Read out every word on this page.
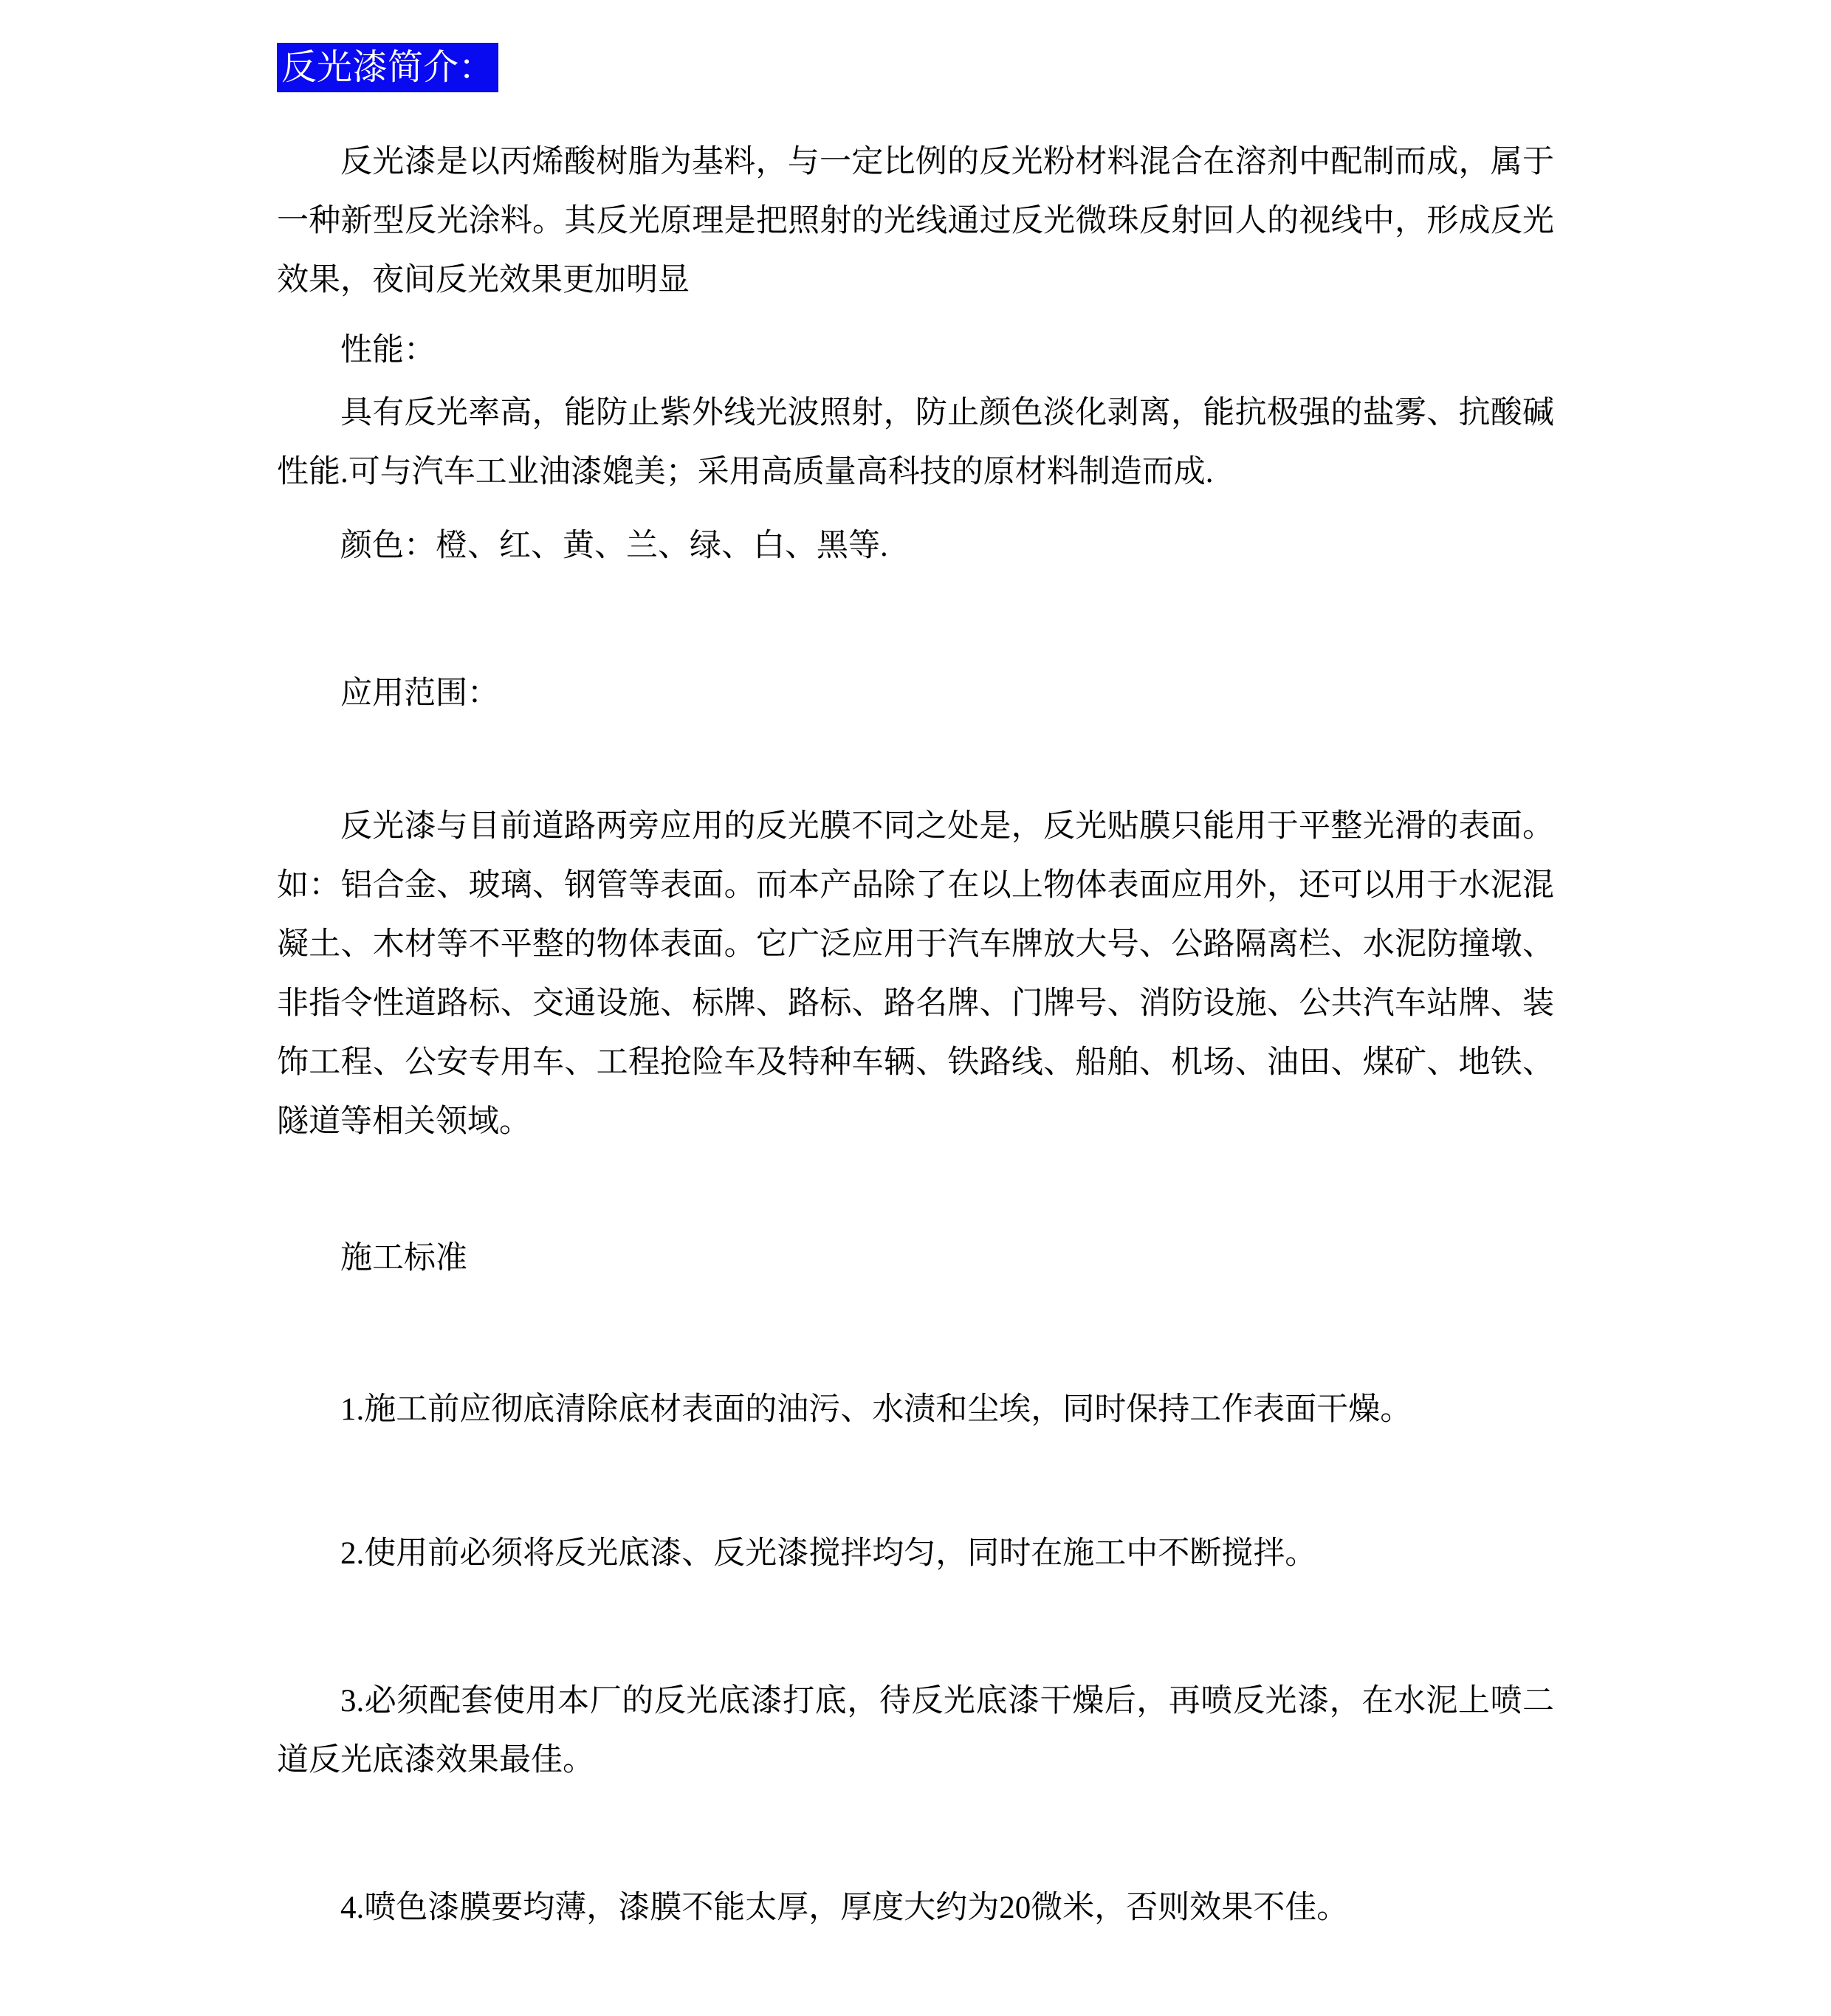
反光漆简介：

反光漆是以丙烯酸树脂为基料，与一定比例的反光粉材料混合在溶剂中配制而成，属于一种新型反光涂料。其反光原理是把照射的光线通过反光微珠反射回人的视线中，形成反光效果，夜间反光效果更加明显

性能：

具有反光率高，能防止紫外线光波照射，防止颜色淡化剥离，能抗极强的盐雾、抗酸碱性能.可与汽车工业油漆媲美；采用高质量高科技的原材料制造而成.

颜色：橙、红、黄、兰、绿、白、黑等.

应用范围：

反光漆与目前道路两旁应用的反光膜不同之处是，反光贴膜只能用于平整光滑的表面。如：铝合金、玻璃、钢管等表面。而本产品除了在以上物体表面应用外，还可以用于水泥混凝土、木材等不平整的物体表面。它广泛应用于汽车牌放大号、公路隔离栏、水泥防撞墩、非指令性道路标、交通设施、标牌、路标、路名牌、门牌号、消防设施、公共汽车站牌、装饰工程、公安专用车、工程抢险车及特种车辆、铁路线、船舶、机场、油田、煤矿、地铁、隧道等相关领域。

施工标准

1.施工前应彻底清除底材表面的油污、水渍和尘埃，同时保持工作表面干燥。

2.使用前必须将反光底漆、反光漆搅拌均匀，同时在施工中不断搅拌。

3.必须配套使用本厂的反光底漆打底，待反光底漆干燥后，再喷反光漆，在水泥上喷二道反光底漆效果最佳。

4.喷色漆膜要均薄，漆膜不能太厚，厚度大约为20微米，否则效果不佳。
